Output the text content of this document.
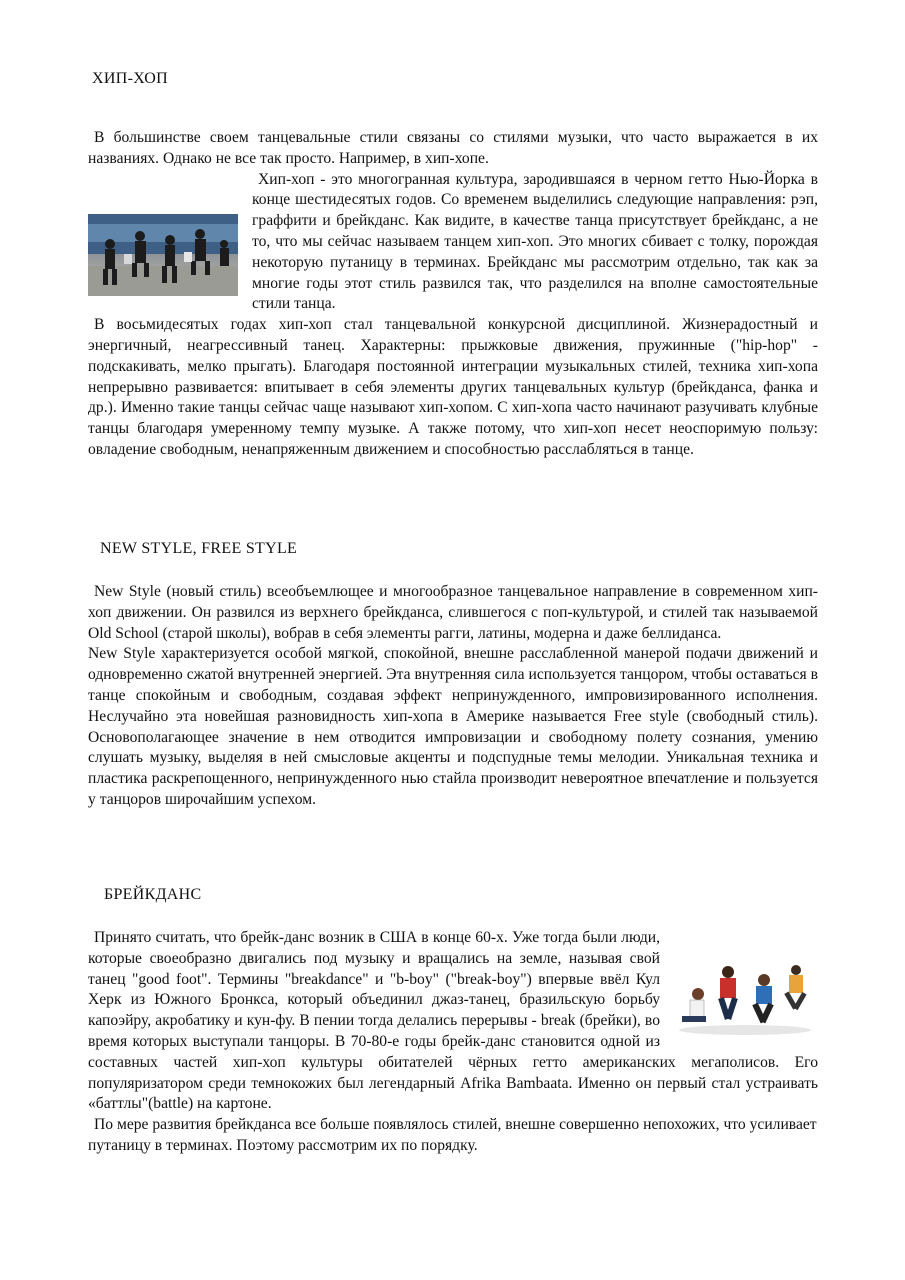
ХИП-ХОП

В большинстве своем танцевальные стили связаны со стилями музыки, что часто выражается в их названиях. Однако не все так просто. Например, в хип-хопе.

Хип-хоп - это многогранная культура, зародившаяся в черном гетто Нью-Йорка в конце шестидесятых годов. Со временем выделились следующие направления: рэп, граффити и брейкданс. Как видите, в качестве танца присутствует брейкданс, а не то, что мы сейчас называем танцем хип-хоп. Это многих сбивает с толку, порождая некоторую путаницу в терминах. Брейкданс мы рассмотрим отдельно, так как за многие годы этот стиль развился так, что разделился на вполне самостоятельные стили танца.

В восьмидесятых годах хип-хоп стал танцевальной конкурсной дисциплиной. Жизнерадостный и энергичный, неагрессивный танец. Характерны: прыжковые движения, пружинные ("hip-hop" - подскакивать, мелко прыгать). Благодаря постоянной интеграции музыкальных стилей, техника хип-хопа непрерывно развивается: впитывает в себя элементы других танцевальных культур (брейкданса, фанка и др.). Именно такие танцы сейчас чаще называют хип-хопом. С хип-хопа часто начинают разучивать клубные танцы благодаря умеренному темпу музыке. А также потому, что хип-хоп несет неоспоримую пользу: овладение свободным, ненапряженным движением и способностью расслабляться в танце.

NEW STYLE, FREE STYLE

New Style (новый стиль) всеобъемлющее и многообразное танцевальное направление в современном хип-хоп движении. Он развился из верхнего брейкданса, слившегося с поп-культурой, и стилей так называемой Old School (старой школы), вобрав в себя элементы рагги, латины, модерна и даже беллиданса.

New Style характеризуется особой мягкой, спокойной, внешне расслабленной манерой подачи движений и одновременно сжатой внутренней энергией. Эта внутренняя сила используется танцором, чтобы оставаться в танце спокойным и свободным, создавая эффект непринужденного, импровизированного исполнения. Неслучайно эта новейшая разновидность хип-хопа в Америке называется Free style (свободный стиль). Основополагающее значение в нем отводится импровизации и свободному полету сознания, умению слушать музыку, выделяя в ней смысловые акценты и подспудные темы мелодии. Уникальная техника и пластика раскрепощенного, непринужденного нью стайла производит невероятное впечатление и пользуется у танцоров широчайшим успехом.

БРЕЙКДАНС
Принято считать, что брейк-данс возник в США в конце 60-х. Уже тогда были люди, которые своеобразно двигались под музыку и вращались на земле, называя свой танец "good foot". Термины "breakdance" и "b-boy" ("break-boy") впервые ввёл Кул Херк из Южного Бронкса, который объединил джаз-танец, бразильскую борьбу капоэйру, акробатику и кун-фу. В пении тогда делались перерывы - break (брейки), во время которых выступали танцоры. В 70-80-е годы брейк-данс становится одной из составных частей хип-хоп культуры обитателей чёрных гетто американских мегаполисов. Его популяризатором среди темнокожих был легендарный Afrika Bambaata. Именно он первый стал устраивать «баттлы"(battle) на картоне.

По мере развития брейкданса все больше появлялось стилей, внешне совершенно непохожих, что усиливает путаницу в терминах. Поэтому рассмотрим их по порядку.
